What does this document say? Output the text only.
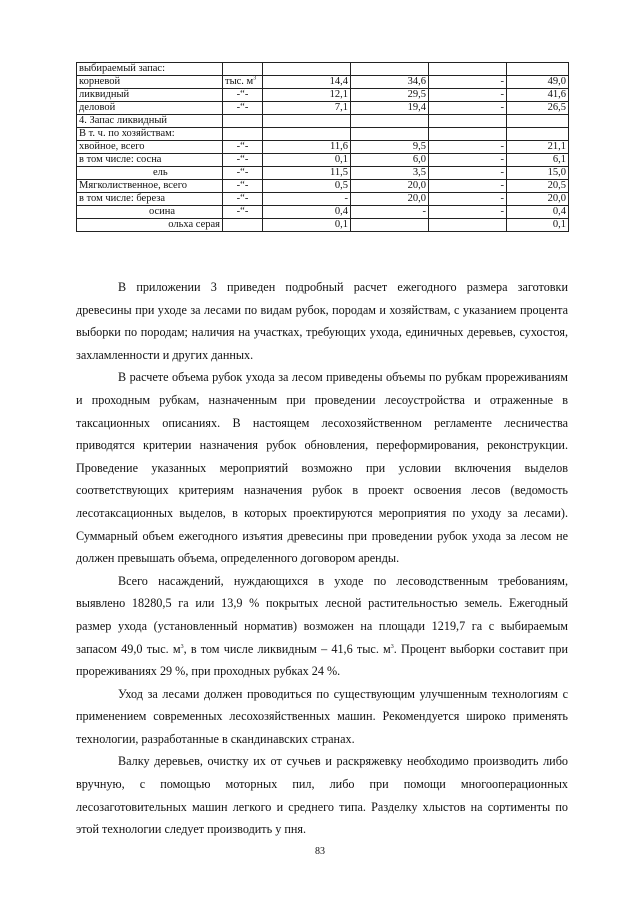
выбираемый запас:					
корневой	тыс. $м^3$	14,4	34,6	-	49,0
ликвидный	-“-	12,1	29,5	-	41,6
деловой	-“-	7,1	19,4	-	26,5
4. Запас ликвидный					
В т. ч. по хозяйствам:					
хвойное, всего	-“-	11,6	9,5	-	21,1
в том числе: сосна	-“-	0,1	6,0	-	6,1
ель	-“-	11,5	3,5	-	15,0
Мягколиственное, всего	-“-	0,5	20,0	-	20,5
в том числе: береза	-“-	-	20,0	-	20,0
осина	-“-	0,4	-	-	0,4
ольха серая		0,1			0,1

В приложении 3 приведен подробный расчет ежегодного размера заготовки древесины при уходе за лесами по видам рубок, породам и хозяйствам, с указанием процента выборки по породам; наличия на участках, требующих ухода, единичных деревьев, сухостоя, захламленности и других данных.

В расчете объема рубок ухода за лесом приведены объемы по рубкам прореживаниям и проходным рубкам, назначенным при проведении лесоустройства и отраженные в таксационных описаниях. В настоящем лесохозяйственном регламенте лесничества приводятся критерии назначения рубок обновления, переформирования, реконструкции. Проведение указанных мероприятий возможно при условии включения выделов соответствующих критериям назначения рубок в проект освоения лесов (ведомость лесотаксационных выделов, в которых проектируются мероприятия по уходу за лесами). Суммарный объем ежегодного изъятия древесины при проведении рубок ухода за лесом не должен превышать объема, определенного договором аренды.

Всего насаждений, нуждающихся в уходе по лесоводственным требованиям, выявлено 18280,5 га или 13,9 % покрытых лесной растительностью земель. Ежегодный размер ухода (установленный норматив) возможен на площади 1219,7 га с выбираемым запасом 49,0 тыс. $м^3$, в том числе ликвидным – 41,6 тыс. $м^3$. Процент выборки составит при прореживаниях 29 %, при проходных рубках 24 %.

Уход за лесами должен проводиться по существующим улучшенным технологиям с применением современных лесохозяйственных машин. Рекомендуется широко применять технологии, разработанные в скандинавских странах.

Валку деревьев, очистку их от сучьев и раскряжевку необходимо производить либо вручную, с помощью моторных пил, либо при помощи многооперационных лесозаготовительных машин легкого и среднего типа. Разделку хлыстов на сортименты по этой технологии следует производить у пня.

83
